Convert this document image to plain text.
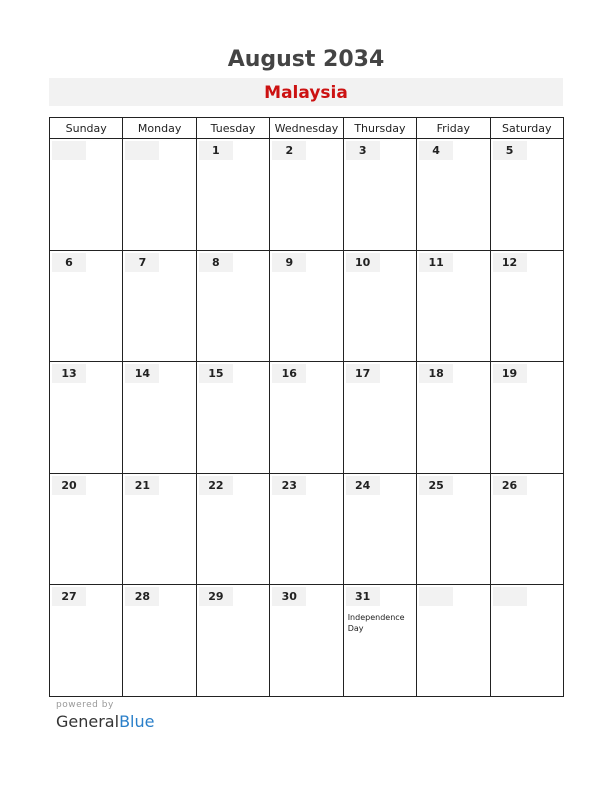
August 2034
Malaysia
Sunday	Monday	Tuesday	Wednesday	Thursday	Friday	Saturday

		1	2	3	4	5

6	7	8	9	10	11	12

13	14	15	16	17	18	19

20	21	22	23	24	25	26

27	28	29	30	31
Independence Day		

powered by
GeneralBlue
